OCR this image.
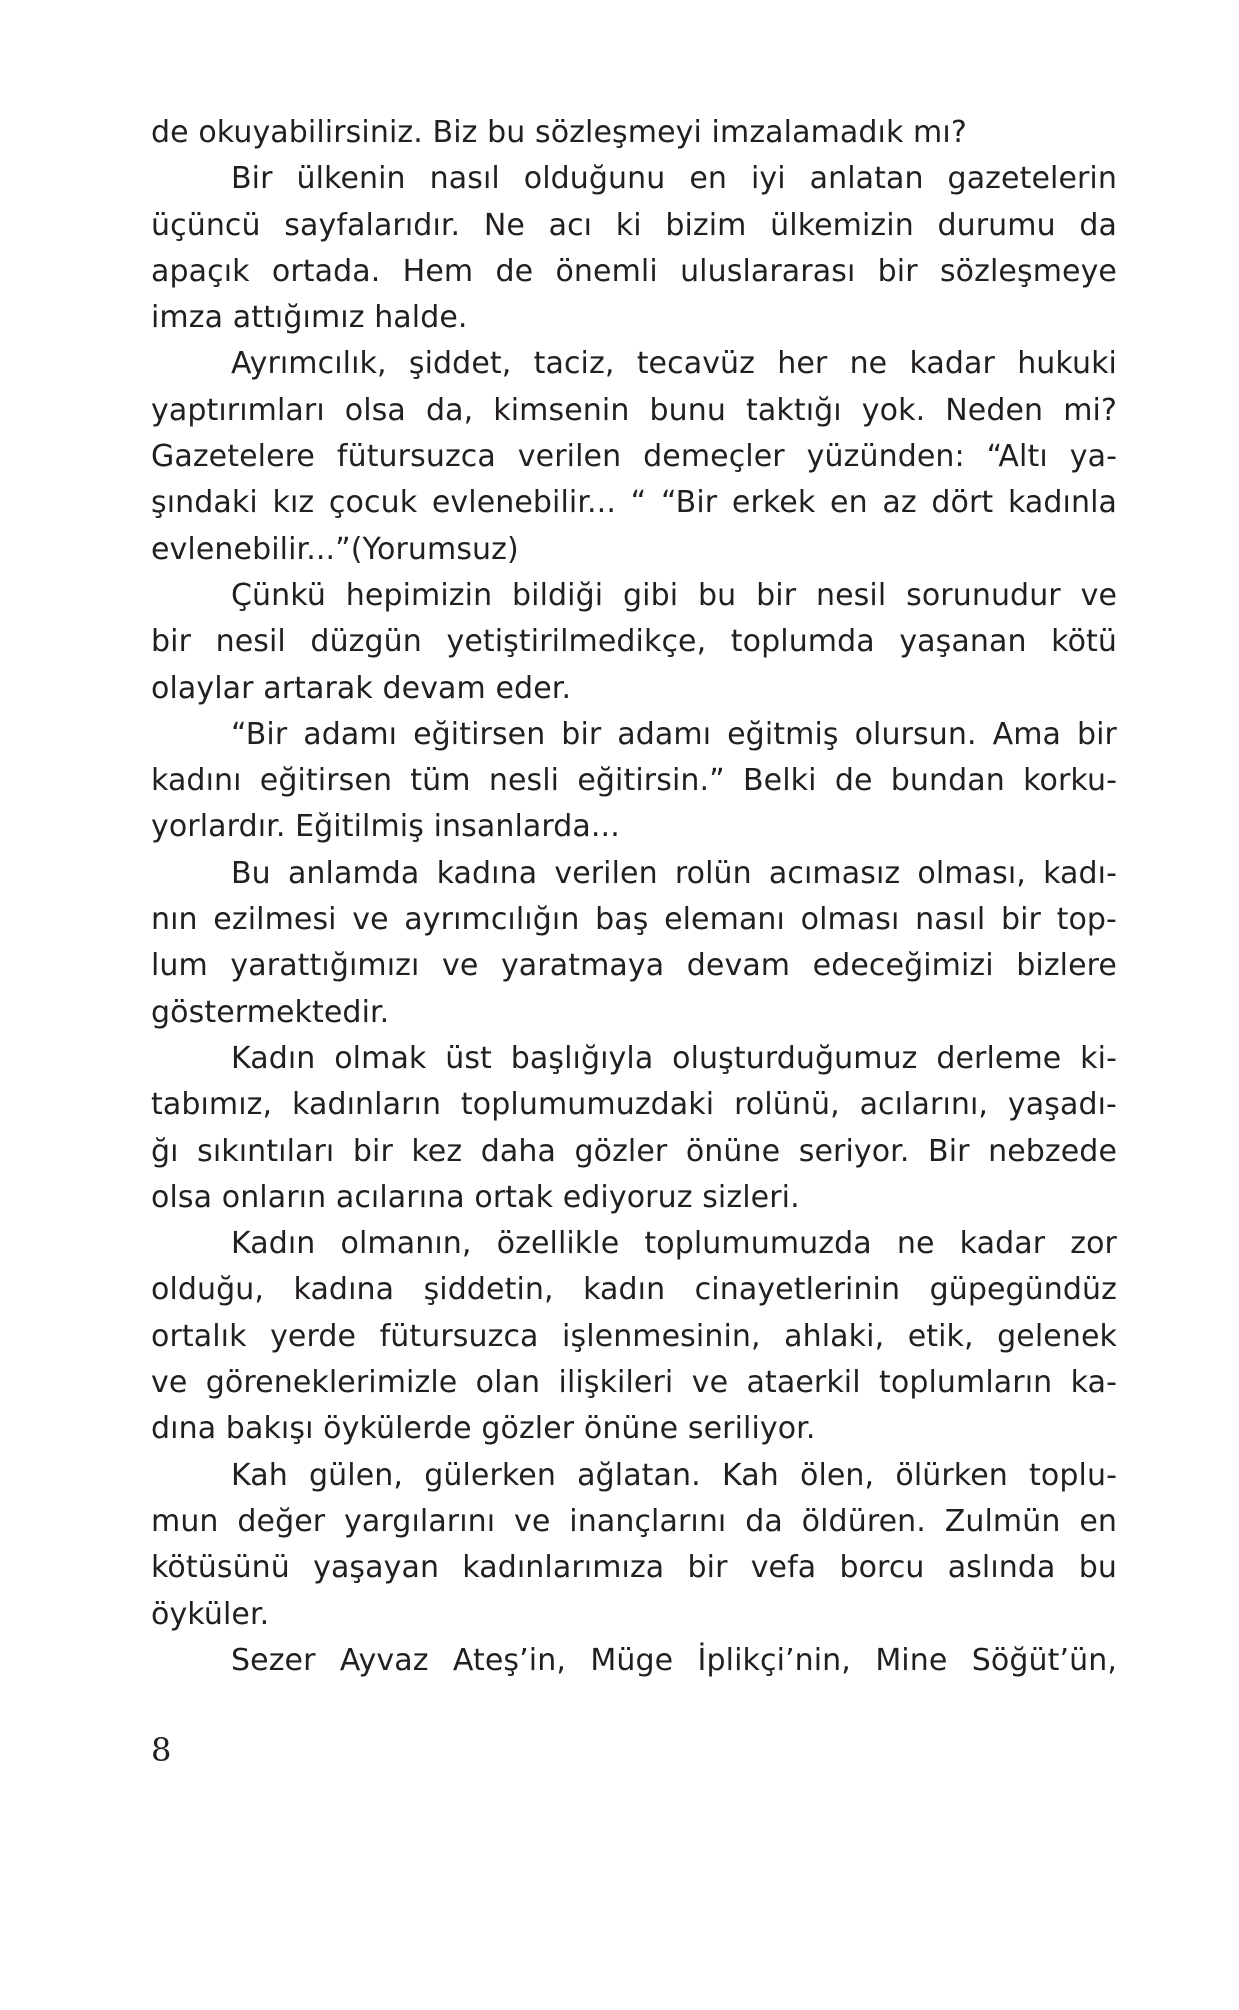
de okuyabilirsiniz. Biz bu sözleşmeyi imzalamadık mı?
Bir ülkenin nasıl olduğunu en iyi anlatan gazetelerin
üçüncü sayfalarıdır. Ne acı ki bizim ülkemizin durumu da
apaçık ortada. Hem de önemli uluslararası bir sözleşmeye
imza attığımız halde.
Ayrımcılık, şiddet, taciz, tecavüz her ne kadar hukuki
yaptırımları olsa da, kimsenin bunu taktığı yok. Neden mi?
Gazetelere fütursuzca verilen demeçler yüzünden: “Altı ya-
şındaki kız çocuk evlenebilir... “ “Bir erkek en az dört kadınla
evlenebilir...”(Yorumsuz)
Çünkü hepimizin bildiği gibi bu bir nesil sorunudur ve
bir nesil düzgün yetiştirilmedikçe, toplumda yaşanan kötü
olaylar artarak devam eder.
“Bir adamı eğitirsen bir adamı eğitmiş olursun. Ama bir
kadını eğitirsen tüm nesli eğitirsin.” Belki de bundan korku-
yorlardır. Eğitilmiş insanlarda...
Bu anlamda kadına verilen rolün acımasız olması, kadı-
nın ezilmesi ve ayrımcılığın baş elemanı olması nasıl bir top-
lum yarattığımızı ve yaratmaya devam edeceğimizi bizlere
göstermektedir.
Kadın olmak üst başlığıyla oluşturduğumuz derleme ki-
tabımız, kadınların toplumumuzdaki rolünü, acılarını, yaşadı-
ğı sıkıntıları bir kez daha gözler önüne seriyor. Bir nebzede
olsa onların acılarına ortak ediyoruz sizleri.
Kadın olmanın, özellikle toplumumuzda ne kadar zor
olduğu, kadına şiddetin, kadın cinayetlerinin güpegündüz
ortalık yerde fütursuzca işlenmesinin, ahlaki, etik, gelenek
ve göreneklerimizle olan ilişkileri ve ataerkil toplumların ka-
dına bakışı öykülerde gözler önüne seriliyor.
Kah gülen, gülerken ağlatan. Kah ölen, ölürken toplu-
mun değer yargılarını ve inançlarını da öldüren. Zulmün en
kötüsünü yaşayan kadınlarımıza bir vefa borcu aslında bu
öyküler.
Sezer Ayvaz Ateş’in, Müge İplikçi’nin, Mine Söğüt’ün,
8
